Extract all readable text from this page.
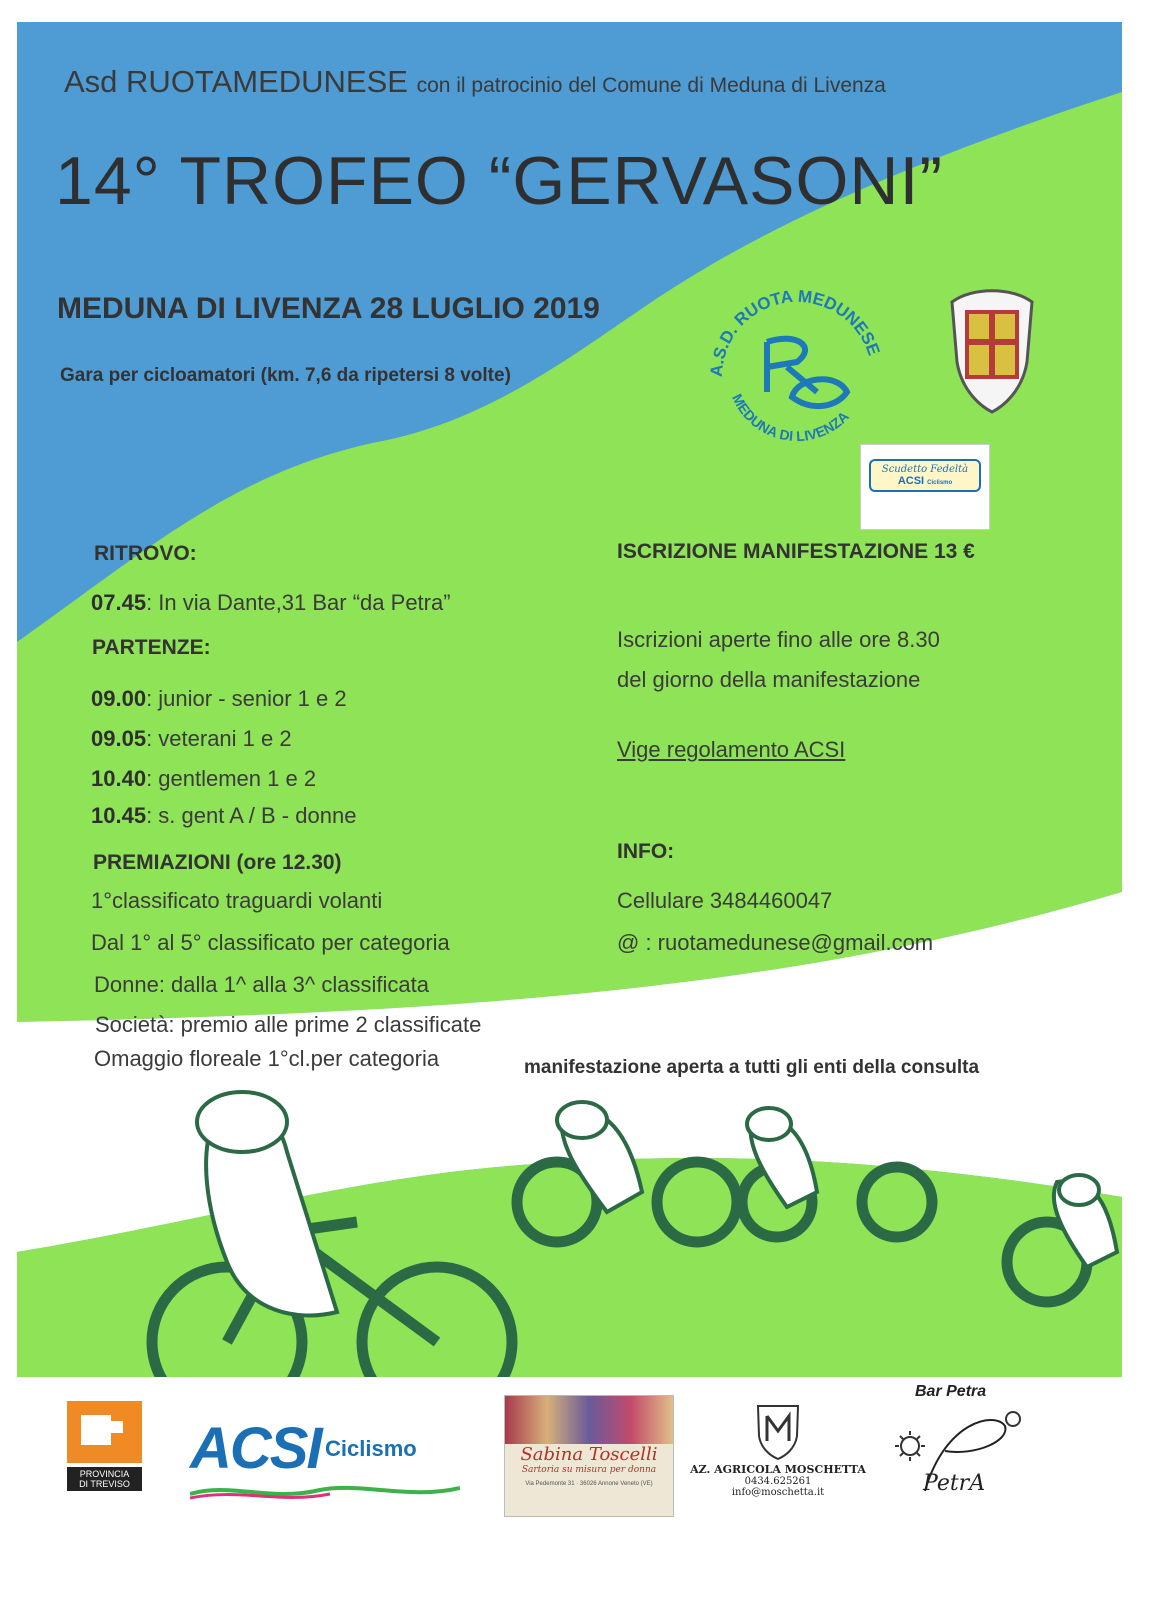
Asd RUOTAMEDUNESE con il patrocinio del Comune di Meduna di Livenza

14° TROFEO “GERVASONI”

MEDUNA DI LIVENZA 28 LUGLIO 2019

Gara per cicloamatori (km. 7,6 da ripetersi 8 volte)	A.S.D. RUOTA MEDUNESE
MEDUNA DI LIVENZA
Scudetto Fedeltà
ACSI Ciclismo

RITROVO:

07.45: In via Dante,31 Bar “da Petra”

PARTENZE:

09.00: junior - senior 1 e 2

09.05: veterani 1 e 2

10.40: gentlemen 1 e 2

10.45: s. gent A / B - donne

PREMIAZIONI (ore 12.30)

1°classificato traguardi volanti

Dal 1° al 5° classificato per categoria

Donne: dalla 1^ alla 3^ classificata

Società: premio alle prime 2 classificate

Omaggio floreale 1°cl.per categoria

ISCRIZIONE MANIFESTAZIONE 13 €

Iscrizioni aperte fino alle ore 8.30

del giorno della manifestazione

Vige regolamento ACSI

INFO:

Cellulare 3484460047

@ : ruotamedunese@gmail.com

manifestazione aperta a tutti gli enti della consulta

PROVINCIA
DI TREVISO
ACSI Ciclismo	Sabina Toscelli
Sartoria su misura per donna
Via Pedemonte 31 · 36026 Annone Veneto (VE)
AZ. AGRICOLA MOSCHETTA
0434.625261
info@moschetta.it
Bar Petra
PetrA
